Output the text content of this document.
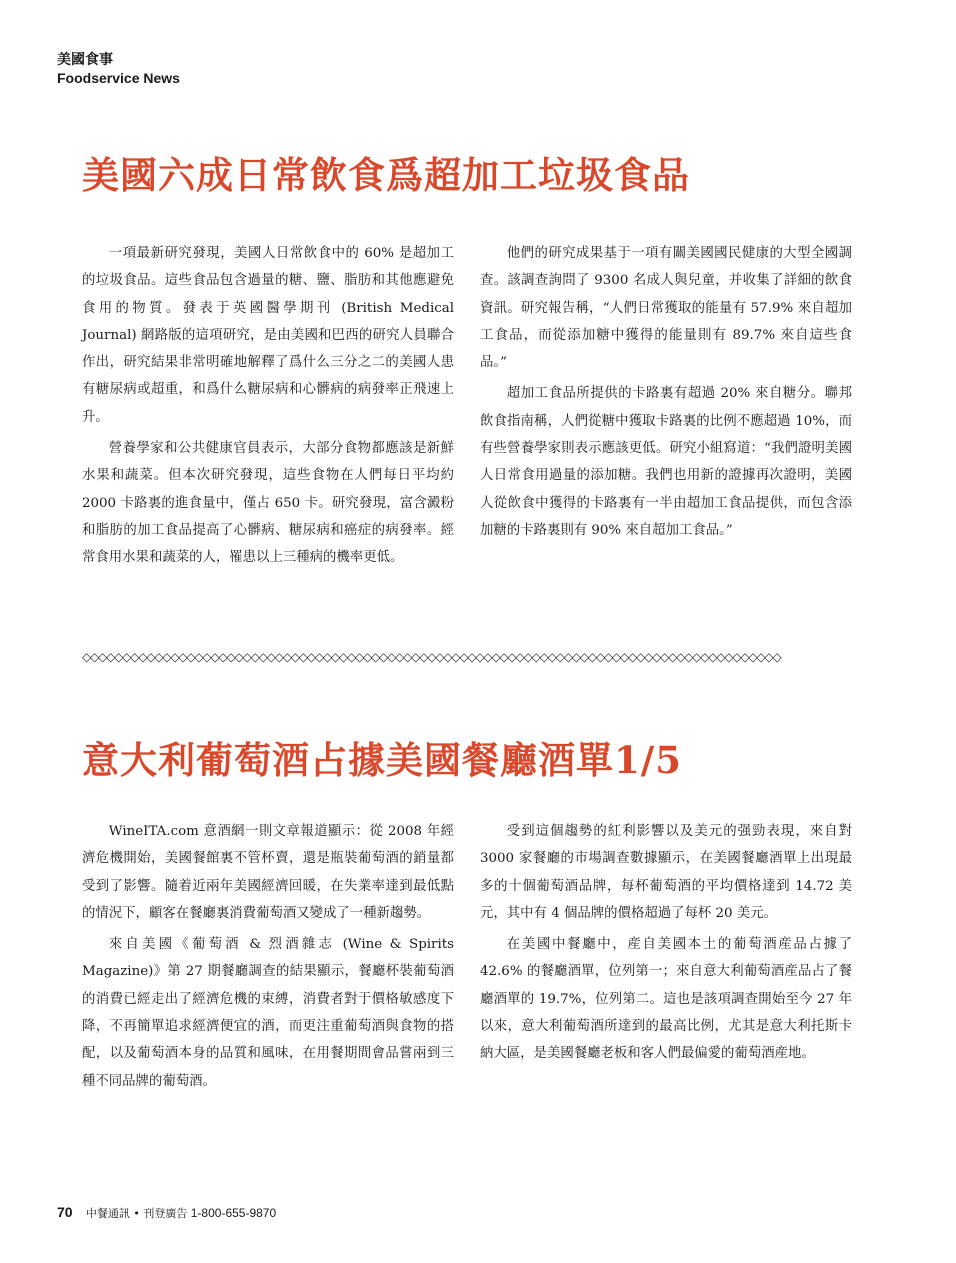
美國食事
Foodservice News
美國六成日常飲食爲超加工垃圾食品

一項最新研究發現，美國人日常飲食中的 60% 是超加工的垃圾食品。這些食品包含過量的糖、鹽、脂肪和其他應避免食用的物質。發表于英國醫學期刊 (British Medical Journal) 網路版的這項研究，是由美國和巴西的研究人員聯合作出，研究結果非常明確地解釋了爲什么三分之二的美國人患有糖尿病或超重，和爲什么糖尿病和心髒病的病發率正飛速上升。

營養學家和公共健康官員表示，大部分食物都應該是新鮮水果和蔬菜。但本次研究發現，這些食物在人們每日平均約 2000 卡路裏的進食量中，僅占 650 卡。研究發現，富含澱粉和脂肪的加工食品提高了心髒病、糖尿病和癌症的病發率。經常食用水果和蔬菜的人，罹患以上三種病的機率更低。

他們的研究成果基于一項有關美國國民健康的大型全國調查。該調查詢問了 9300 名成人與兒童，并收集了詳細的飲食資訊。研究報告稱，“人們日常獲取的能量有 57.9% 來自超加工食品，而從添加糖中獲得的能量則有 89.7% 來自這些食品。”

超加工食品所提供的卡路裏有超過 20% 來自糖分。聯邦飲食指南稱，人們從糖中獲取卡路裏的比例不應超過 10%，而有些營養學家則表示應該更低。研究小組寫道：“我們證明美國人日常食用過量的添加糖。我們也用新的證據再次證明，美國人從飲食中獲得的卡路裏有一半由超加工食品提供，而包含添加糖的卡路裏則有 90% 來自超加工食品。”

◇◇◇◇◇◇◇◇◇◇◇◇◇◇◇◇◇◇◇◇◇◇◇◇◇◇◇◇◇◇◇◇◇◇◇◇◇◇◇◇◇◇◇◇◇◇◇◇◇◇◇◇◇◇◇◇◇◇◇◇◇◇◇◇◇◇◇◇◇◇◇◇◇◇◇◇◇◇◇◇◇◇◇◇◇◇◇
意大利葡萄酒占據美國餐廳酒單1/5

WineITA.com 意酒網一則文章報道顯示：從 2008 年經濟危機開始，美國餐館裏不管杯賣，還是瓶裝葡萄酒的銷量都受到了影響。隨着近兩年美國經濟回暖，在失業率達到最低點的情況下，顧客在餐廳裏消費葡萄酒又變成了一種新趨勢。

來自美國《葡萄酒 & 烈酒雜志 (Wine & Spirits Magazine)》第 27 期餐廳調查的結果顯示，餐廳杯裝葡萄酒的消費已經走出了經濟危機的束縛，消費者對于價格敏感度下降，不再簡單追求經濟便宜的酒，而更注重葡萄酒與食物的搭配，以及葡萄酒本身的品質和風味，在用餐期間會品嘗兩到三種不同品牌的葡萄酒。

受到這個趨勢的紅利影響以及美元的强勁表現，來自對 3000 家餐廳的市場調查數據顯示，在美國餐廳酒單上出現最多的十個葡萄酒品牌，每杯葡萄酒的平均價格達到 14.72 美元，其中有 4 個品牌的價格超過了每杯 20 美元。

在美國中餐廳中，産自美國本土的葡萄酒産品占據了 42.6% 的餐廳酒單，位列第一；來自意大利葡萄酒産品占了餐廳酒單的 19.7%，位列第二。這也是該項調查開始至今 27 年以來，意大利葡萄酒所達到的最高比例，尤其是意大利托斯卡納大區，是美國餐廳老板和客人們最偏愛的葡萄酒産地。

70 中餐通訊 • 刊登廣告 1-800-655-9870
